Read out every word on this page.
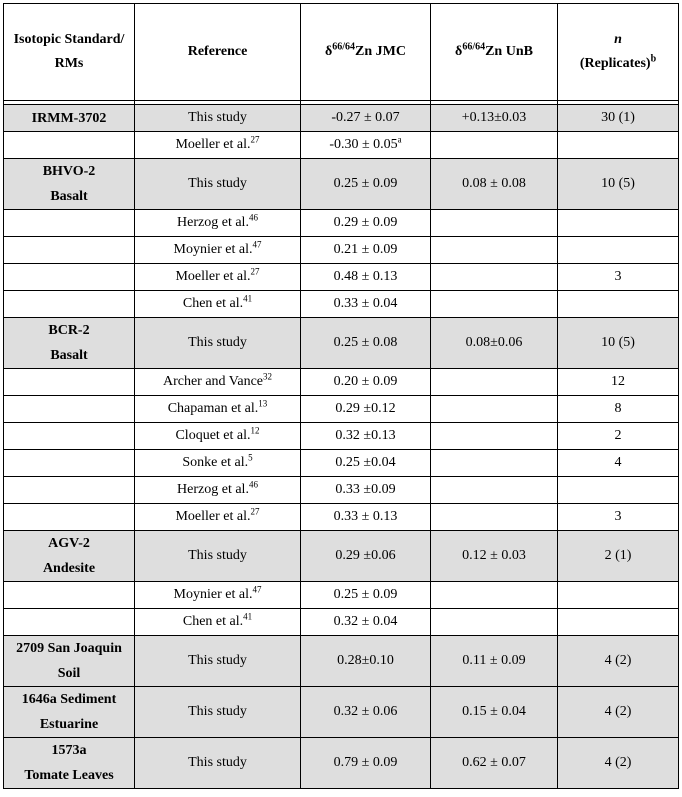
Isotopic Standard/
RMs	Reference	$\delta^{66/64}Zn$ JMC	$\delta^{66/64}Zn$ UnB	n
(Replicates)$^b$

IRMM-3702	This study	-0.27 ± 0.07	+0.13±0.03	30 (1)
	Moeller et al.$^{27}$	-0.30 ± 0.05$^a$		
BHVO-2
Basalt	This study	0.25 ± 0.09	0.08 ± 0.08	10 (5)
	Herzog et al.$^{46}$	0.29 ± 0.09		
	Moynier et al.$^{47}$	0.21 ± 0.09		
	Moeller et al.$^{27}$	0.48 ± 0.13		3
	Chen et al.$^{41}$	0.33 ± 0.04		
BCR-2
Basalt	This study	0.25 ± 0.08	0.08±0.06	10 (5)
	Archer and Vance$^{32}$	0.20 ± 0.09		12
	Chapaman et al.$^{13}$	0.29 ±0.12		8
	Cloquet et al.$^{12}$	0.32 ±0.13		2
	Sonke et al.$^5$	0.25 ±0.04		4
	Herzog et al.$^{46}$	0.33 ±0.09		
	Moeller et al.$^{27}$	0.33 ± 0.13		3
AGV-2
Andesite	This study	0.29 ±0.06	0.12 ± 0.03	2 (1)
	Moynier et al.$^{47}$	0.25 ± 0.09		
	Chen et al.$^{41}$	0.32 ± 0.04		
2709 San Joaquin
Soil	This study	0.28±0.10	0.11 ± 0.09	4 (2)
1646a Sediment
Estuarine	This study	0.32 ± 0.06	0.15 ± 0.04	4 (2)
1573a
Tomate Leaves	This study	0.79 ± 0.09	0.62 ± 0.07	4 (2)
